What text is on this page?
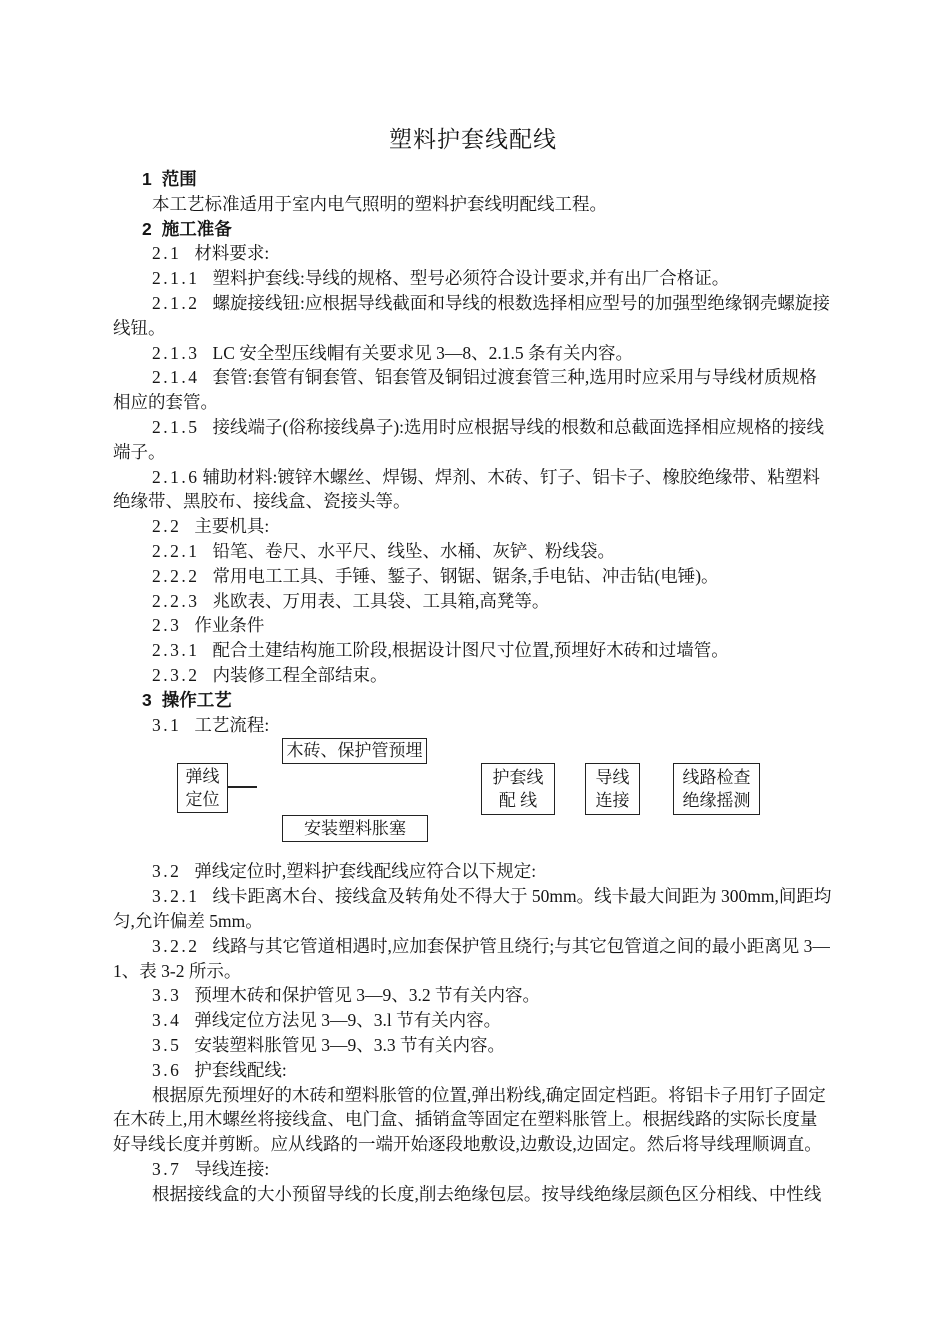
塑料护套线配线
1 范围
本工艺标准适用于室内电气照明的塑料护套线明配线工程。
2 施工准备
2.1 材料要求:
2.1.1 塑料护套线:导线的规格、型号必须符合设计要求,并有出厂合格证。
2.1.2 螺旋接线钮:应根据导线截面和导线的根数选择相应型号的加强型绝缘钢壳螺旋接线钮。
2.1.3 LC 安全型压线帽有关要求见 3—8、2.1.5 条有关内容。
2.1.4 套管:套管有铜套管、铝套管及铜铝过渡套管三种,选用时应采用与导线材质规格相应的套管。
2.1.5 接线端子(俗称接线鼻子):选用时应根据导线的根数和总截面选择相应规格的接线端子。
2.1.6 辅助材料:镀锌木螺丝、焊锡、焊剂、木砖、钉子、铝卡子、橡胶绝缘带、粘塑料绝缘带、黑胶布、接线盒、瓷接头等。
2.2 主要机具:
2.2.1 铅笔、卷尺、水平尺、线坠、水桶、灰铲、粉线袋。
2.2.2 常用电工工具、手锤、錾子、钢锯、锯条,手电钻、冲击钻(电锤)。
2.2.3 兆欧表、万用表、工具袋、工具箱,高凳等。
2.3 作业条件
2.3.1 配合土建结构施工阶段,根据设计图尺寸位置,预埋好木砖和过墙管。
2.3.2 内装修工程全部结束。
3 操作工艺
3.1 工艺流程:
弹线
定位
木砖、保护管预埋
安装塑料胀塞
护套线
配 线
导线
连接
线路检查
绝缘摇测
3.2 弹线定位时,塑料护套线配线应符合以下规定:
3.2.1 线卡距离木台、接线盒及转角处不得大于 50mm。线卡最大间距为 300mm,间距均匀,允许偏差 5mm。
3.2.2 线路与其它管道相遇时,应加套保护管且绕行;与其它包管道之间的最小距离见 3—1、表 3-2 所示。
3.3 预埋木砖和保护管见 3—9、3.2 节有关内容。
3.4 弹线定位方法见 3—9、3.l 节有关内容。
3.5 安装塑料胀管见 3—9、3.3 节有关内容。
3.6 护套线配线:
根据原先预埋好的木砖和塑料胀管的位置,弹出粉线,确定固定档距。将铝卡子用钉子固定在木砖上,用木螺丝将接线盒、电门盒、插销盒等固定在塑料胀管上。根据线路的实际长度量好导线长度并剪断。应从线路的一端开始逐段地敷设,边敷设,边固定。然后将导线理顺调直。
3.7 导线连接:
根据接线盒的大小预留导线的长度,削去绝缘包层。按导线绝缘层颜色区分相线、中性线
